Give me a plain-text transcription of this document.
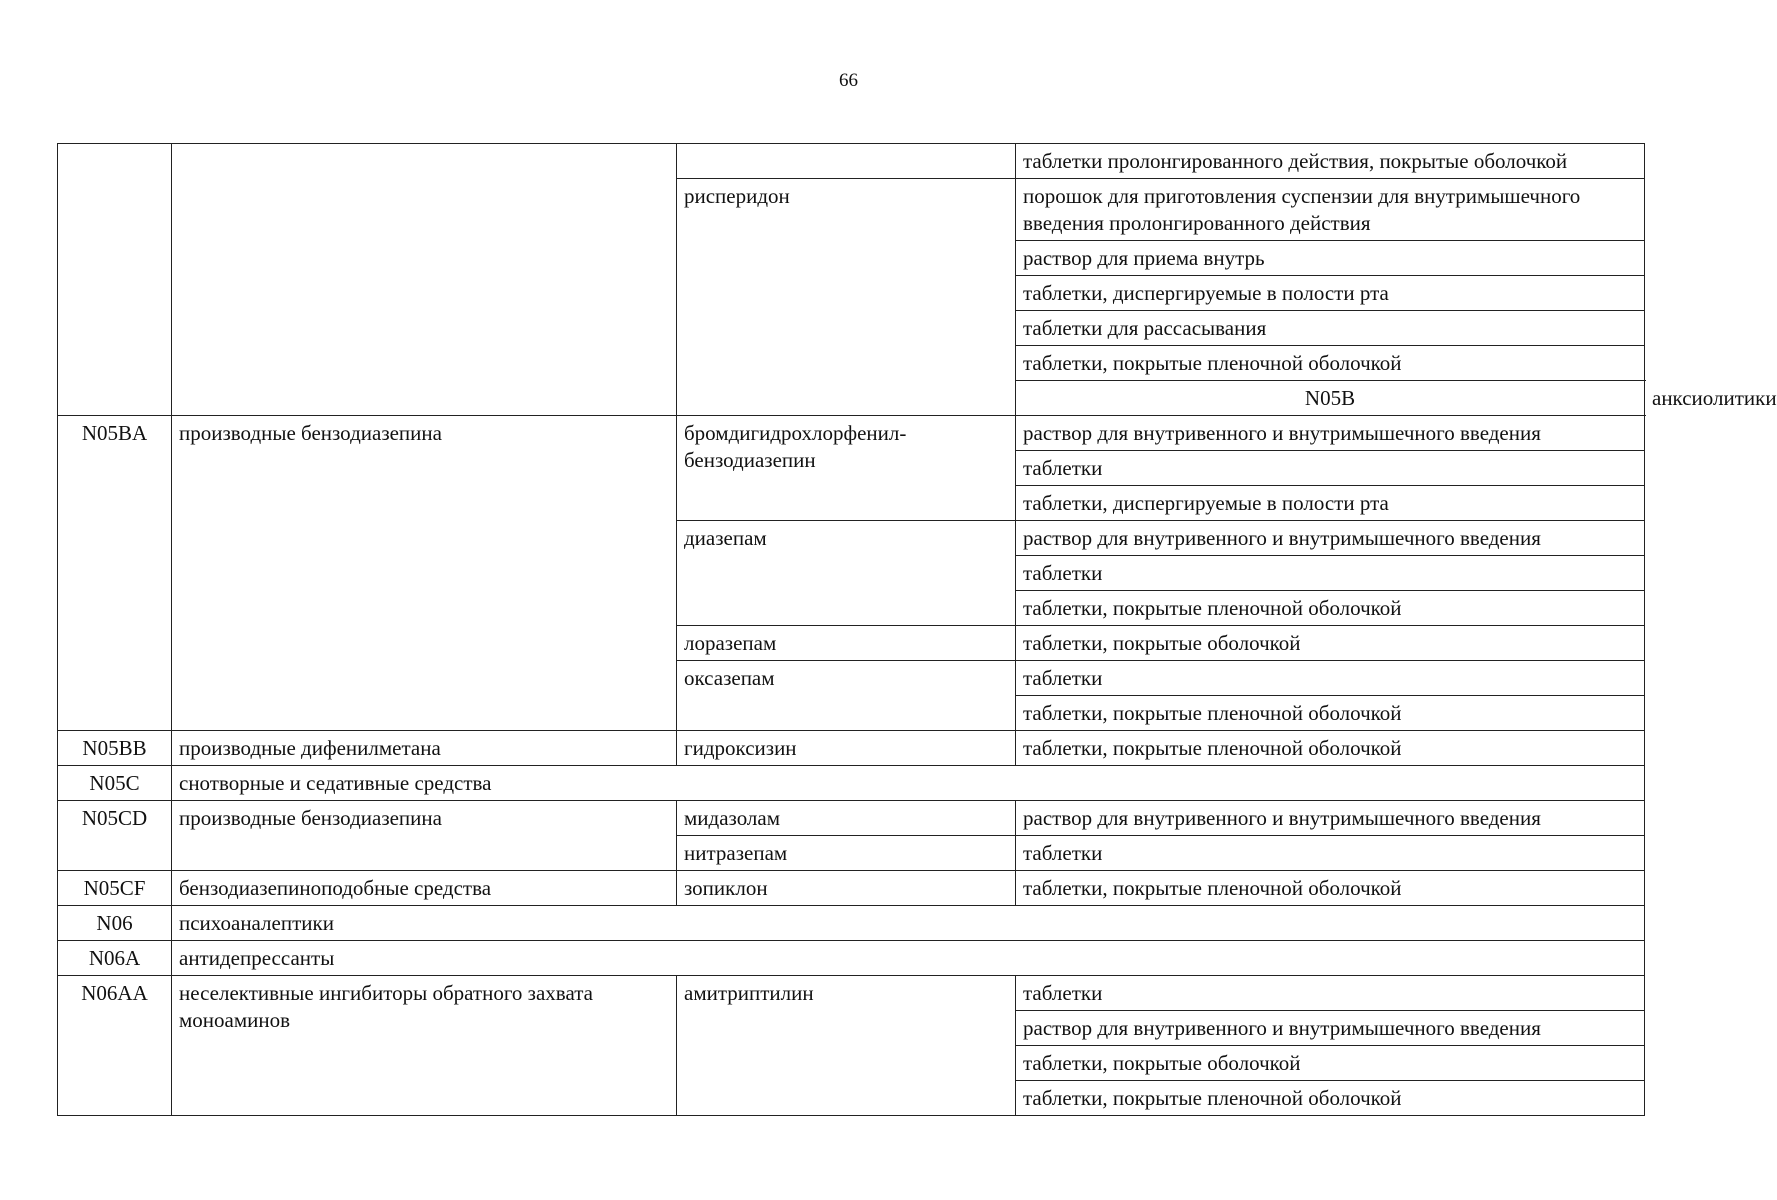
66
			таблетки пролонгированного действия, покрытые оболочкой	
		рисперидон	порошок для приготовления суспензии для внутримышечного введения пролонгированного действия	
			раствор для приема внутрь	
			таблетки, диспергируемые в полости рта	
			таблетки для рассасывания	
			таблетки, покрытые пленочной оболочкой	
			N05B	анксиолитики
N05BA	производные бензодиазепина	бромдигидрохлорфенил-бензодиазепин	раствор для внутривенного и внутримышечного введения	
			таблетки	
			таблетки, диспергируемые в полости рта	
		диазепам	раствор для внутривенного и внутримышечного введения	
			таблетки	
			таблетки, покрытые пленочной оболочкой	
		лоразепам	таблетки, покрытые оболочкой	
		оксазепам	таблетки	
			таблетки, покрытые пленочной оболочкой	
N05BB	производные дифенилметана	гидроксизин	таблетки, покрытые пленочной оболочкой	
N05C	снотворные и седативные средства			
N05CD	производные бензодиазепина	мидазолам	раствор для внутривенного и внутримышечного введения	
		нитразепам	таблетки	
N05CF	бензодиазепиноподобные средства	зопиклон	таблетки, покрытые пленочной оболочкой	
N06	психоаналептики			
N06A	антидепрессанты			
N06AA	неселективные ингибиторы обратного захвата моноаминов	амитриптилин	таблетки	
			раствор для внутривенного и внутримышечного введения	
			таблетки, покрытые оболочкой	
			таблетки, покрытые пленочной оболочкой	
